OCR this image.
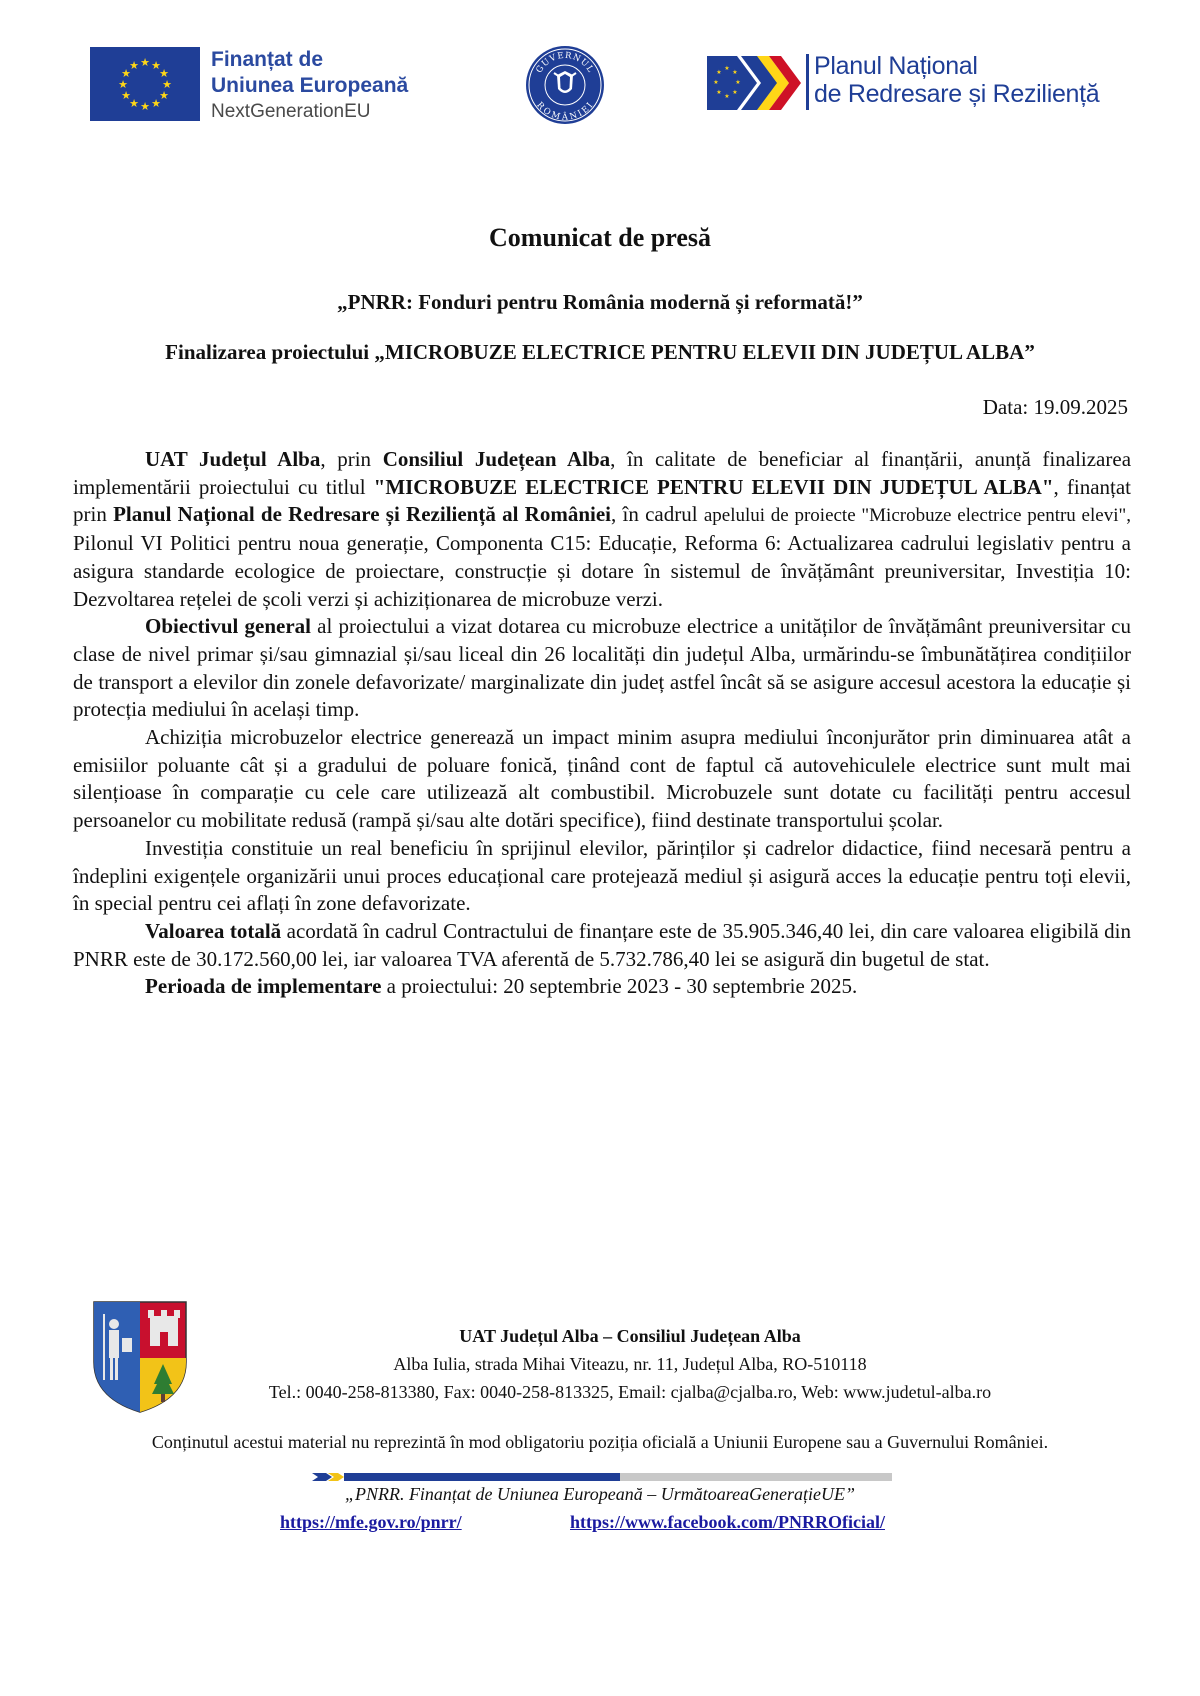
★ ★
★
★
★
★
★
★
★
★
★
★	Finanțat de
Uniunea Europeană
NextGenerationEU
GUVERNUL
ROMÂNIEI
★
★
★
★
★
★
★
★	Planul Național
de Redresare și Reziliență
Comunicat de presă
„PNRR: Fonduri pentru România modernă și reformată!”
Finalizarea proiectului „MICROBUZE ELECTRICE PENTRU ELEVII DIN JUDEȚUL ALBA”
Data: 19.09.2025

UAT Județul Alba, prin Consiliul Județean Alba, în calitate de beneficiar al finanțării, anunță finalizarea implementării proiectului cu titlul "MICROBUZE ELECTRICE PENTRU ELEVII DIN JUDEȚUL ALBA", finanțat prin Planul Național de Redresare și Reziliență al României, în cadrul apelului de proiecte "Microbuze electrice pentru elevi", Pilonul VI Politici pentru noua generație, Componenta C15: Educație, Reforma 6: Actualizarea cadrului legislativ pentru a asigura standarde ecologice de proiectare, construcție și dotare în sistemul de învățământ preuniversitar, Investiția 10: Dezvoltarea rețelei de școli verzi și achiziționarea de microbuze verzi.

Obiectivul general al proiectului a vizat dotarea cu microbuze electrice a unităților de învățământ preuniversitar cu clase de nivel primar și/sau gimnazial și/sau liceal din 26 localități din județul Alba, urmărindu-se îmbunătățirea condițiilor de transport a elevilor din zonele defavorizate/ marginalizate din județ astfel încât să se asigure accesul acestora la educație și protecția mediului în același timp.

Achiziția microbuzelor electrice generează un impact minim asupra mediului înconjurător prin diminuarea atât a emisiilor poluante cât și a gradului de poluare fonică, ținând cont de faptul că autovehiculele electrice sunt mult mai silențioase în comparație cu cele care utilizează alt combustibil. Microbuzele sunt dotate cu facilități pentru accesul persoanelor cu mobilitate redusă (rampă și/sau alte dotări specifice), fiind destinate transportului școlar.

Investiția constituie un real beneficiu în sprijinul elevilor, părinților și cadrelor didactice, fiind necesară pentru a îndeplini exigențele organizării unui proces educațional care protejează mediul și asigură acces la educație pentru toți elevii, în special pentru cei aflați în zone defavorizate.

Valoarea totală acordată în cadrul Contractului de finanțare este de 35.905.346,40 lei, din care valoarea eligibilă din PNRR este de 30.172.560,00 lei, iar valoarea TVA aferentă de 5.732.786,40 lei se asigură din bugetul de stat.

Perioada de implementare a proiectului: 20 septembrie 2023 - 30 septembrie 2025.

UAT Județul Alba – Consiliul Județean Alba
Alba Iulia, strada Mihai Viteazu, nr. 11, Județul Alba, RO-510118
Tel.: 0040-258-813380, Fax: 0040-258-813325, Email: cjalba@cjalba.ro, Web: www.judetul-alba.ro
Conținutul acestui material nu reprezintă în mod obligatoriu poziția oficială a Uniunii Europene sau a Guvernului României.
„PNRR. Finanțat de Uniunea Europeană – UrmătoareaGenerațieUE”
https://mfe.gov.ro/pnrr/	https://www.facebook.com/PNRROficial/
